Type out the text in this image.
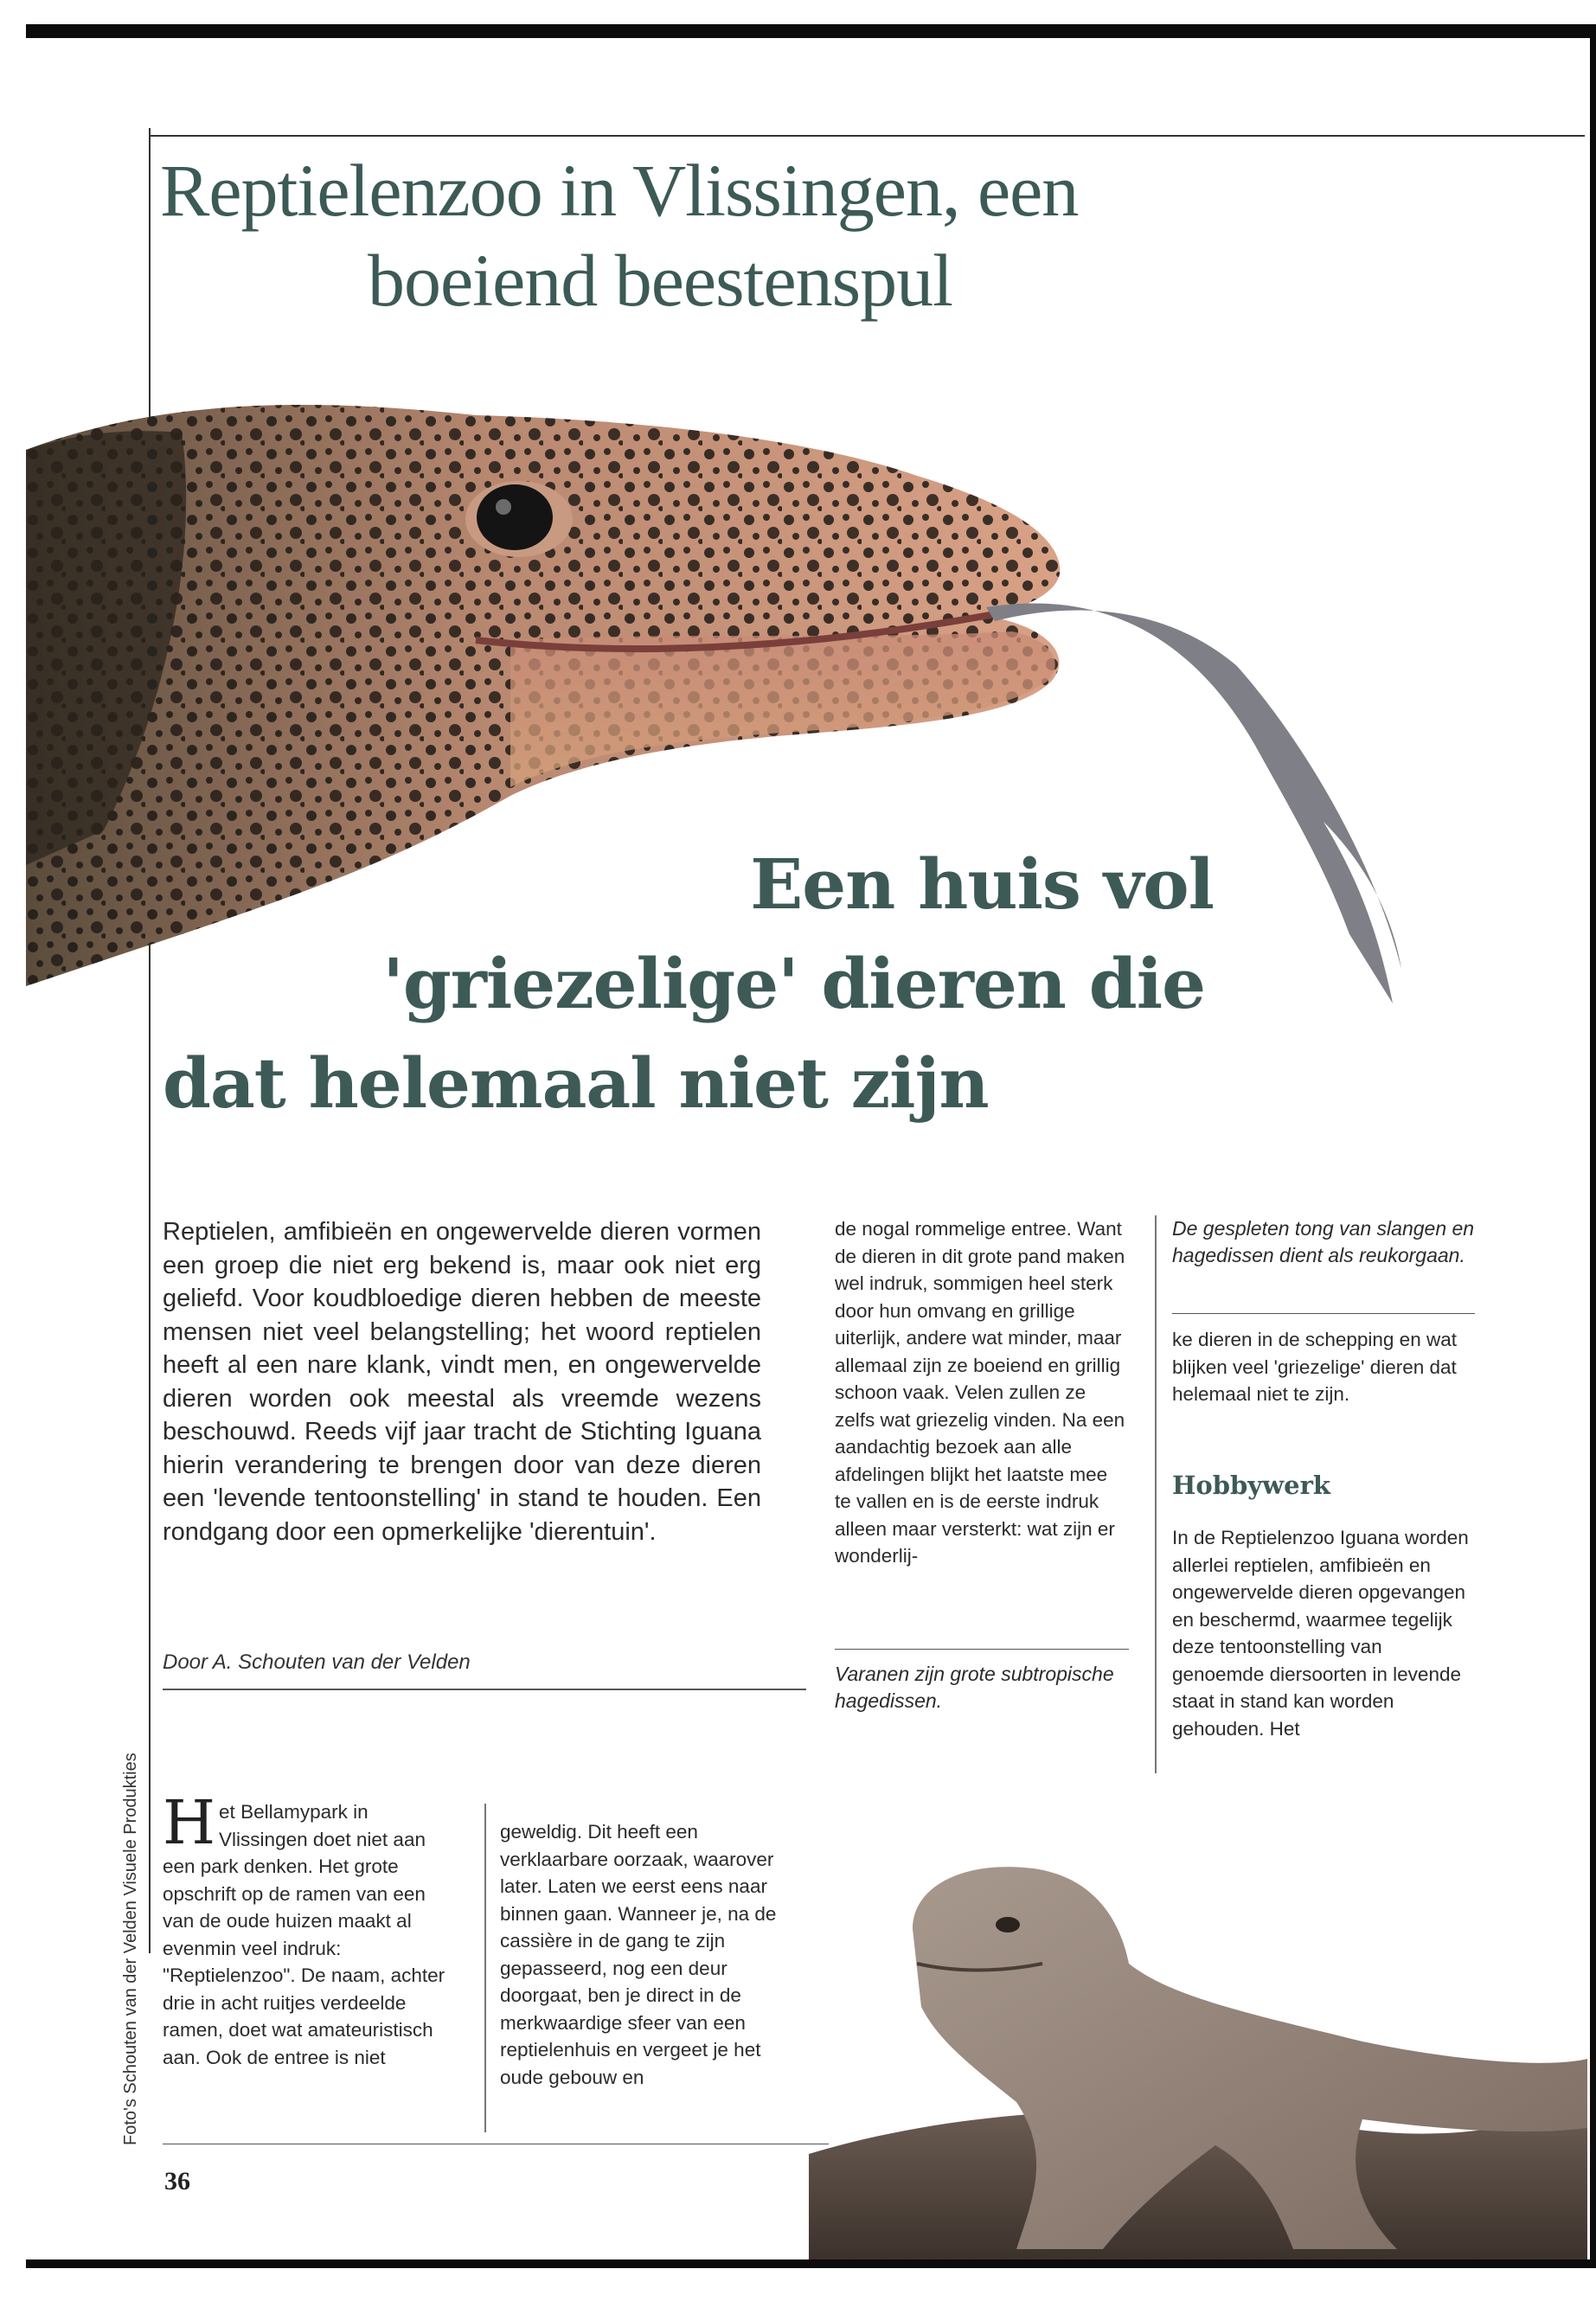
Reptielenzoo in Vlissingen, een
boeiend beestenspul
Een huis vol
'griezelige' dieren die
dat helemaal niet zijn

Reptielen, amfibieën en ongewervelde dieren vormen een groep die niet erg bekend is, maar ook niet erg geliefd. Voor koudbloedige dieren hebben de meeste mensen niet veel belangstelling; het woord reptielen heeft al een nare klank, vindt men, en ongewervelde dieren worden ook meestal als vreemde wezens beschouwd. Reeds vijf jaar tracht de Stichting Iguana hierin verandering te brengen door van deze dieren een 'levende tentoonstelling' in stand te houden. Een rondgang door een opmerkelijke 'dierentuin'.

Door A. Schouten van der Velden
Foto's Schouten van der Velden Visuele Produkties

de nogal rommelige entree. Want de dieren in dit grote pand maken wel indruk, sommigen heel sterk door hun omvang en grillige uiterlijk, andere wat minder, maar allemaal zijn ze boeiend en grillig schoon vaak. Velen zullen ze zelfs wat griezelig vinden. Na een aandachtig bezoek aan alle afdelingen blijkt het laatste mee te vallen en is de eerste indruk alleen maar versterkt: wat zijn er wonderlij-

Varanen zijn grote subtropische hagedissen.

De gespleten tong van slangen en hagedissen dient als reukorgaan.

ke dieren in de schepping en wat blijken veel 'griezelige' dieren dat helemaal niet te zijn.

Hobbywerk

In de Reptielenzoo Iguana worden allerlei reptielen, amfibieën en ongewervelde dieren opgevangen en beschermd, waarmee tegelijk deze tentoonstelling van genoemde diersoorten in levende staat in stand kan worden gehouden. Het

H et Bellamypark in Vlissingen doet niet aan een park denken. Het grote opschrift op de ramen van een van de oude huizen maakt al evenmin veel indruk: "Reptielenzoo". De naam, achter drie in acht ruitjes verdeelde ramen, doet wat amateuristisch aan. Ook de entree is niet

geweldig. Dit heeft een verklaarbare oorzaak, waarover later. Laten we eerst eens naar binnen gaan. Wanneer je, na de cassière in de gang te zijn gepasseerd, nog een deur doorgaat, ben je direct in de merkwaardige sfeer van een reptielenhuis en vergeet je het oude gebouw en

36
